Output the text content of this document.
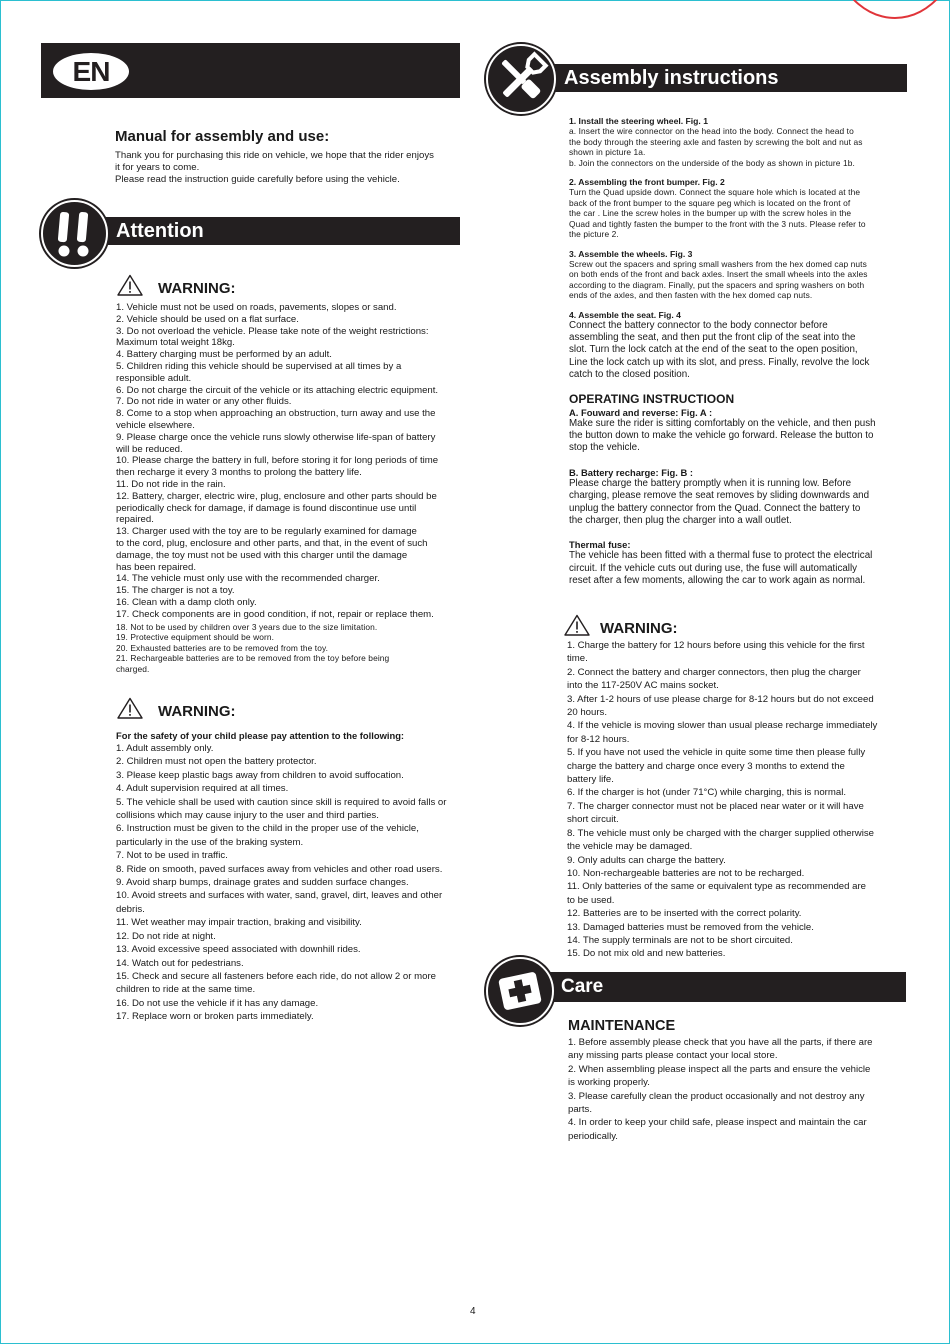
EN

Manual for assembly and use:

Thank you for purchasing this ride on vehicle, we hope that the rider enjoys

it for years to come.

Please read the instruction guide carefully before using the vehicle.

Attention
WARNING:

1. Vehicle must not be used on roads, pavements, slopes or sand.

2. Vehicle should be used on a flat surface.

3. Do not overload the vehicle. Please take note of the weight restrictions:

Maximum total weight 18kg.

4. Battery charging must be performed by an adult.

5. Children riding this vehicle should be supervised at all times by a

responsible adult.

6. Do not charge the circuit of the vehicle or its attaching electric equipment.

7. Do not ride in water or any other fluids.

8. Come to a stop when approaching an obstruction, turn away and use the

vehicle elsewhere.

9. Please charge once the vehicle runs slowly otherwise life-span of battery

will be reduced.

10. Please charge the battery in full, before storing it for long periods of time

then recharge it every 3 months to prolong the battery life.

11. Do not ride in the rain.

12. Battery, charger, electric wire, plug, enclosure and other parts should be

periodically check for damage, if damage is found discontinue use until

repaired.

13. Charger used with the toy are to be regularly examined for damage

to the cord, plug, enclosure and other parts, and that, in the event of such

damage, the toy must not be used with this charger until the damage

has been repaired.

14. The vehicle must only use with the recommended charger.

15. The charger is not a toy.

16. Clean with a damp cloth only.

17. Check components are in good condition, if not, repair or replace them.

18. Not to be used by children over 3 years due to the size limitation.

19. Protective equipment should be worn.

20. Exhausted batteries are to be removed from the toy.

21. Rechargeable batteries are to be removed from the toy before being

charged.

WARNING:

For the safety of your child please pay attention to the following:

1. Adult assembly only.

2. Children must not open the battery protector.

3. Please keep plastic bags away from children to avoid suffocation.

4. Adult supervision required at all times.

5. The vehicle shall be used with caution since skill is required to avoid falls or

collisions which may cause injury to the user and third parties.

6. Instruction must be given to the child in the proper use of the vehicle,

particularly in the use of the braking system.

7. Not to be used in traffic.

8. Ride on smooth, paved surfaces away from vehicles and other road users.

9. Avoid sharp bumps, drainage grates and sudden surface changes.

10. Avoid streets and surfaces with water, sand, gravel, dirt, leaves and other

debris.

11. Wet weather may impair traction, braking and visibility.

12. Do not ride at night.

13. Avoid excessive speed associated with downhill rides.

14. Watch out for pedestrians.

15. Check and secure all fasteners before each ride, do not allow 2 or more

children to ride at the same time.

16. Do not use the vehicle if it has any damage.

17. Replace worn or broken parts immediately.

Assembly instructions

1. Install the steering wheel. Fig. 1

a. Insert the wire connector on the head into the body. Connect the head to

the body through the steering axle and fasten by screwing the bolt and nut as

shown in picture 1a.

b. Join the connectors on the underside of the body as shown in picture 1b.

2. Assembling the front bumper. Fig. 2

Turn the Quad upside down. Connect the square hole which is located at the

back of the front bumper to the square peg which is located on the front of

the car . Line the screw holes in the bumper up with the screw holes in the

Quad and tightly fasten the bumper to the front with the 3 nuts. Please refer to

the picture 2.

3. Assemble the wheels. Fig. 3

Screw out the spacers and spring small washers from the hex domed cap nuts

on both ends of the front and back axles. Insert the small wheels into the axles

according to the diagram. Finally, put the spacers and spring washers on both

ends of the axles, and then fasten with the hex domed cap nuts.

4. Assemble the seat. Fig. 4

Connect the battery connector to the body connector before

assembling the seat, and then put the front clip of the seat into the

slot. Turn the lock catch at the end of the seat to the open position,

Line the lock catch up with its slot, and press. Finally, revolve the lock

catch to the closed position.

OPERATING INSTRUCTIOON

A. Fouward and reverse: Fig. A :

Make sure the rider is sitting comfortably on the vehicle, and then push

the button down to make the vehicle go forward. Release the button to

stop the vehicle.

B. Battery recharge: Fig. B :

Please charge the battery promptly when it is running low. Before

charging, please remove the seat removes by sliding downwards and

unplug the battery connector from the Quad. Connect the battery to

the charger, then plug the charger into a wall outlet.

Thermal fuse:

The vehicle has been fitted with a thermal fuse to protect the electrical

circuit. If the vehicle cuts out during use, the fuse will automatically

reset after a few moments, allowing the car to work again as normal.

WARNING:

1. Charge the battery for 12 hours before using this vehicle for the first

time.

2. Connect the battery and charger connectors, then plug the charger

into the 117-250V AC mains socket.

3. After 1-2 hours of use please charge for 8-12 hours but do not exceed

20 hours.

4. If the vehicle is moving slower than usual please recharge immediately

for 8-12 hours.

5. If you have not used the vehicle in quite some time then please fully

charge the battery and charge once every 3 months to extend the

battery life.

6. If the charger is hot (under 71°C) while charging, this is normal.

7. The charger connector must not be placed near water or it will have

short circuit.

8. The vehicle must only be charged with the charger supplied otherwise

the vehicle may be damaged.

9. Only adults can charge the battery.

10. Non-rechargeable batteries are not to be recharged.

11. Only batteries of the same or equivalent type as recommended are

to be used.

12. Batteries are to be inserted with the correct polarity.

13. Damaged batteries must be removed from the vehicle.

14. The supply terminals are not to be short circuited.

15. Do not mix old and new batteries.

Care

MAINTENANCE

1. Before assembly please check that you have all the parts, if there are

any missing parts please contact your local store.

2. When assembling please inspect all the parts and ensure the vehicle

is working properly.

3. Please carefully clean the product occasionally and not destroy any

parts.

4. In order to keep your child safe, please inspect and maintain the car

periodically.

4
